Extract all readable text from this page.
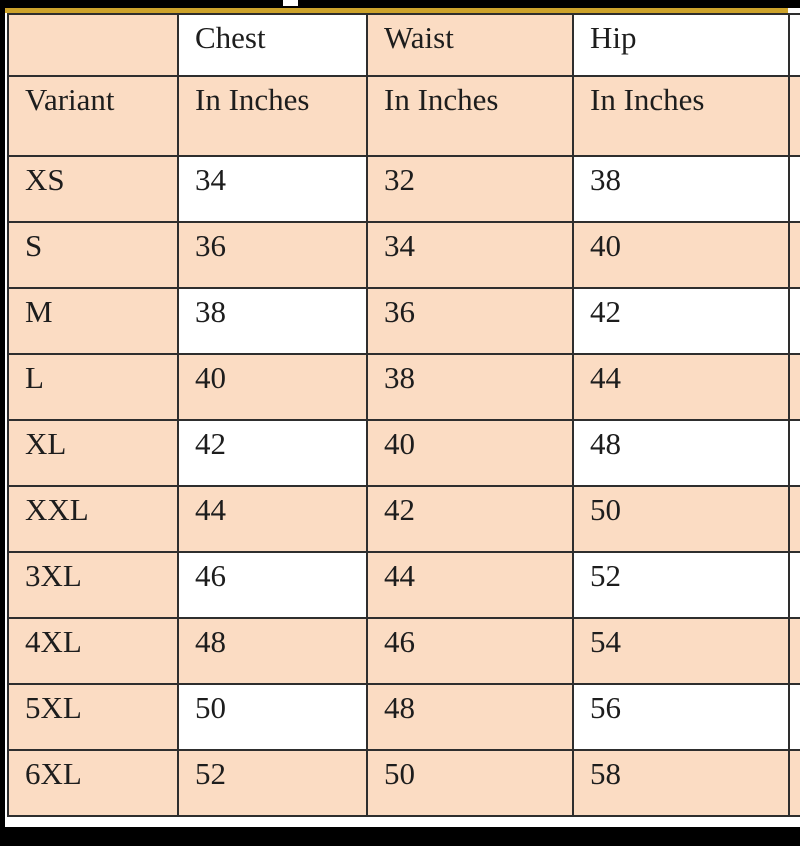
	Chest	Waist	Hip
Variant	In Inches	In Inches	In Inches
XS	34	32	38
S	36	34	40
M	38	36	42
L	40	38	44
XL	42	40	48
XXL	44	42	50
3XL	46	44	52
4XL	48	46	54
5XL	50	48	56
6XL	52	50	58
